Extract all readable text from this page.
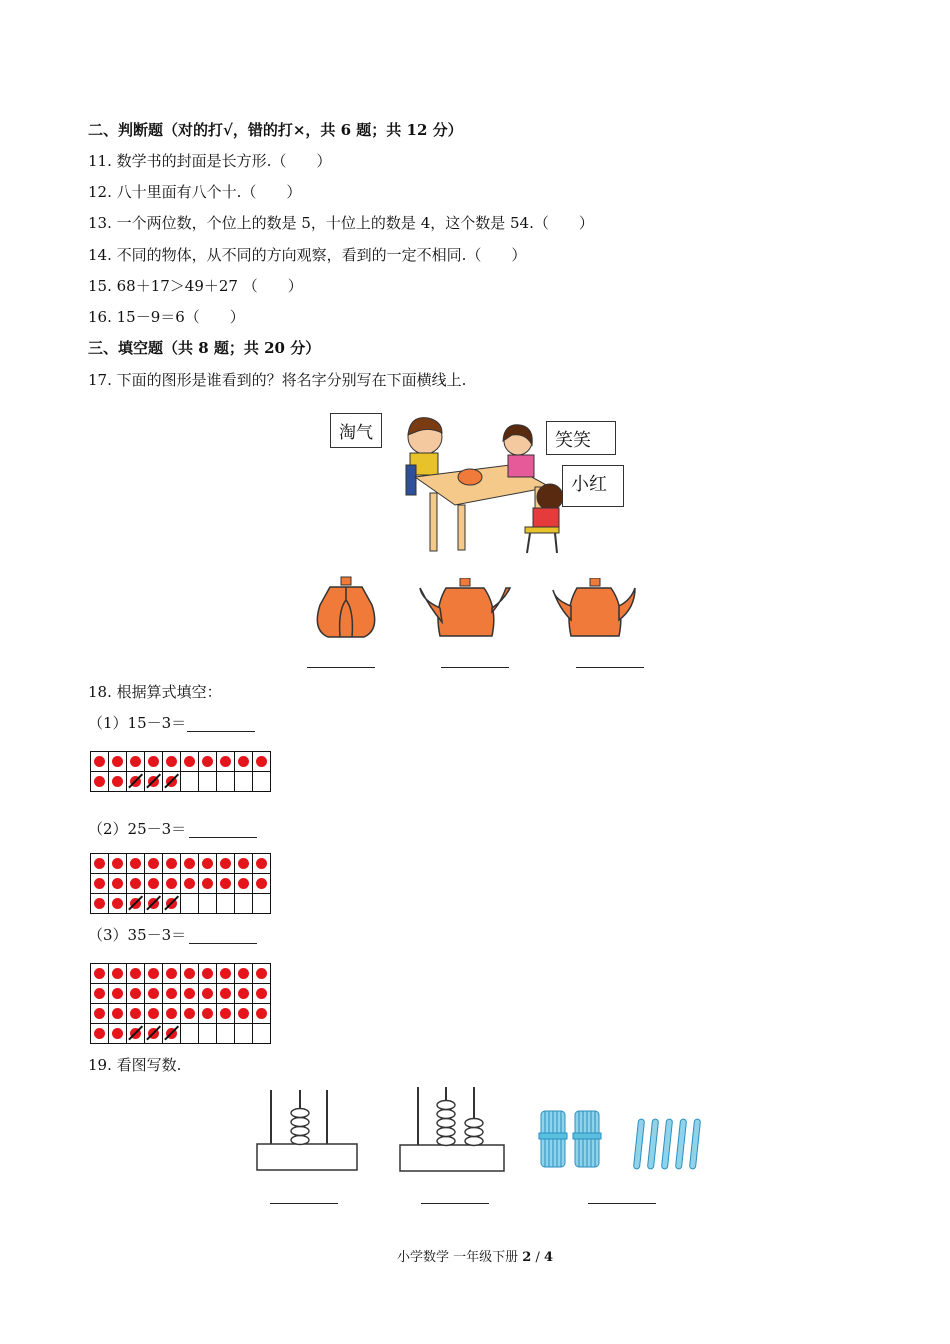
二、判断题（对的打√，错的打×，共 6 题；共 12 分）
11. 数学书的封面是长方形.（　　）
12. 八十里面有八个十.（　　）
13. 一个两位数，个位上的数是 5，十位上的数是 4，这个数是 54.（　　）
14. 不同的物体，从不同的方向观察，看到的一定不相同.（　　）
15. 68＋17＞49＋27 （　　）
16. 15－9＝6（　　）
三、填空题（共 8 题；共 20 分）
17. 下面的图形是谁看到的？将名字分别写在下面横线上.
淘气	笑笑
小红
18. 根据算式填空：
（1）15－3＝

（2）25－3＝

（3）35－3＝

19. 看图写数.
小学数学 一年级下册 2 / 4
